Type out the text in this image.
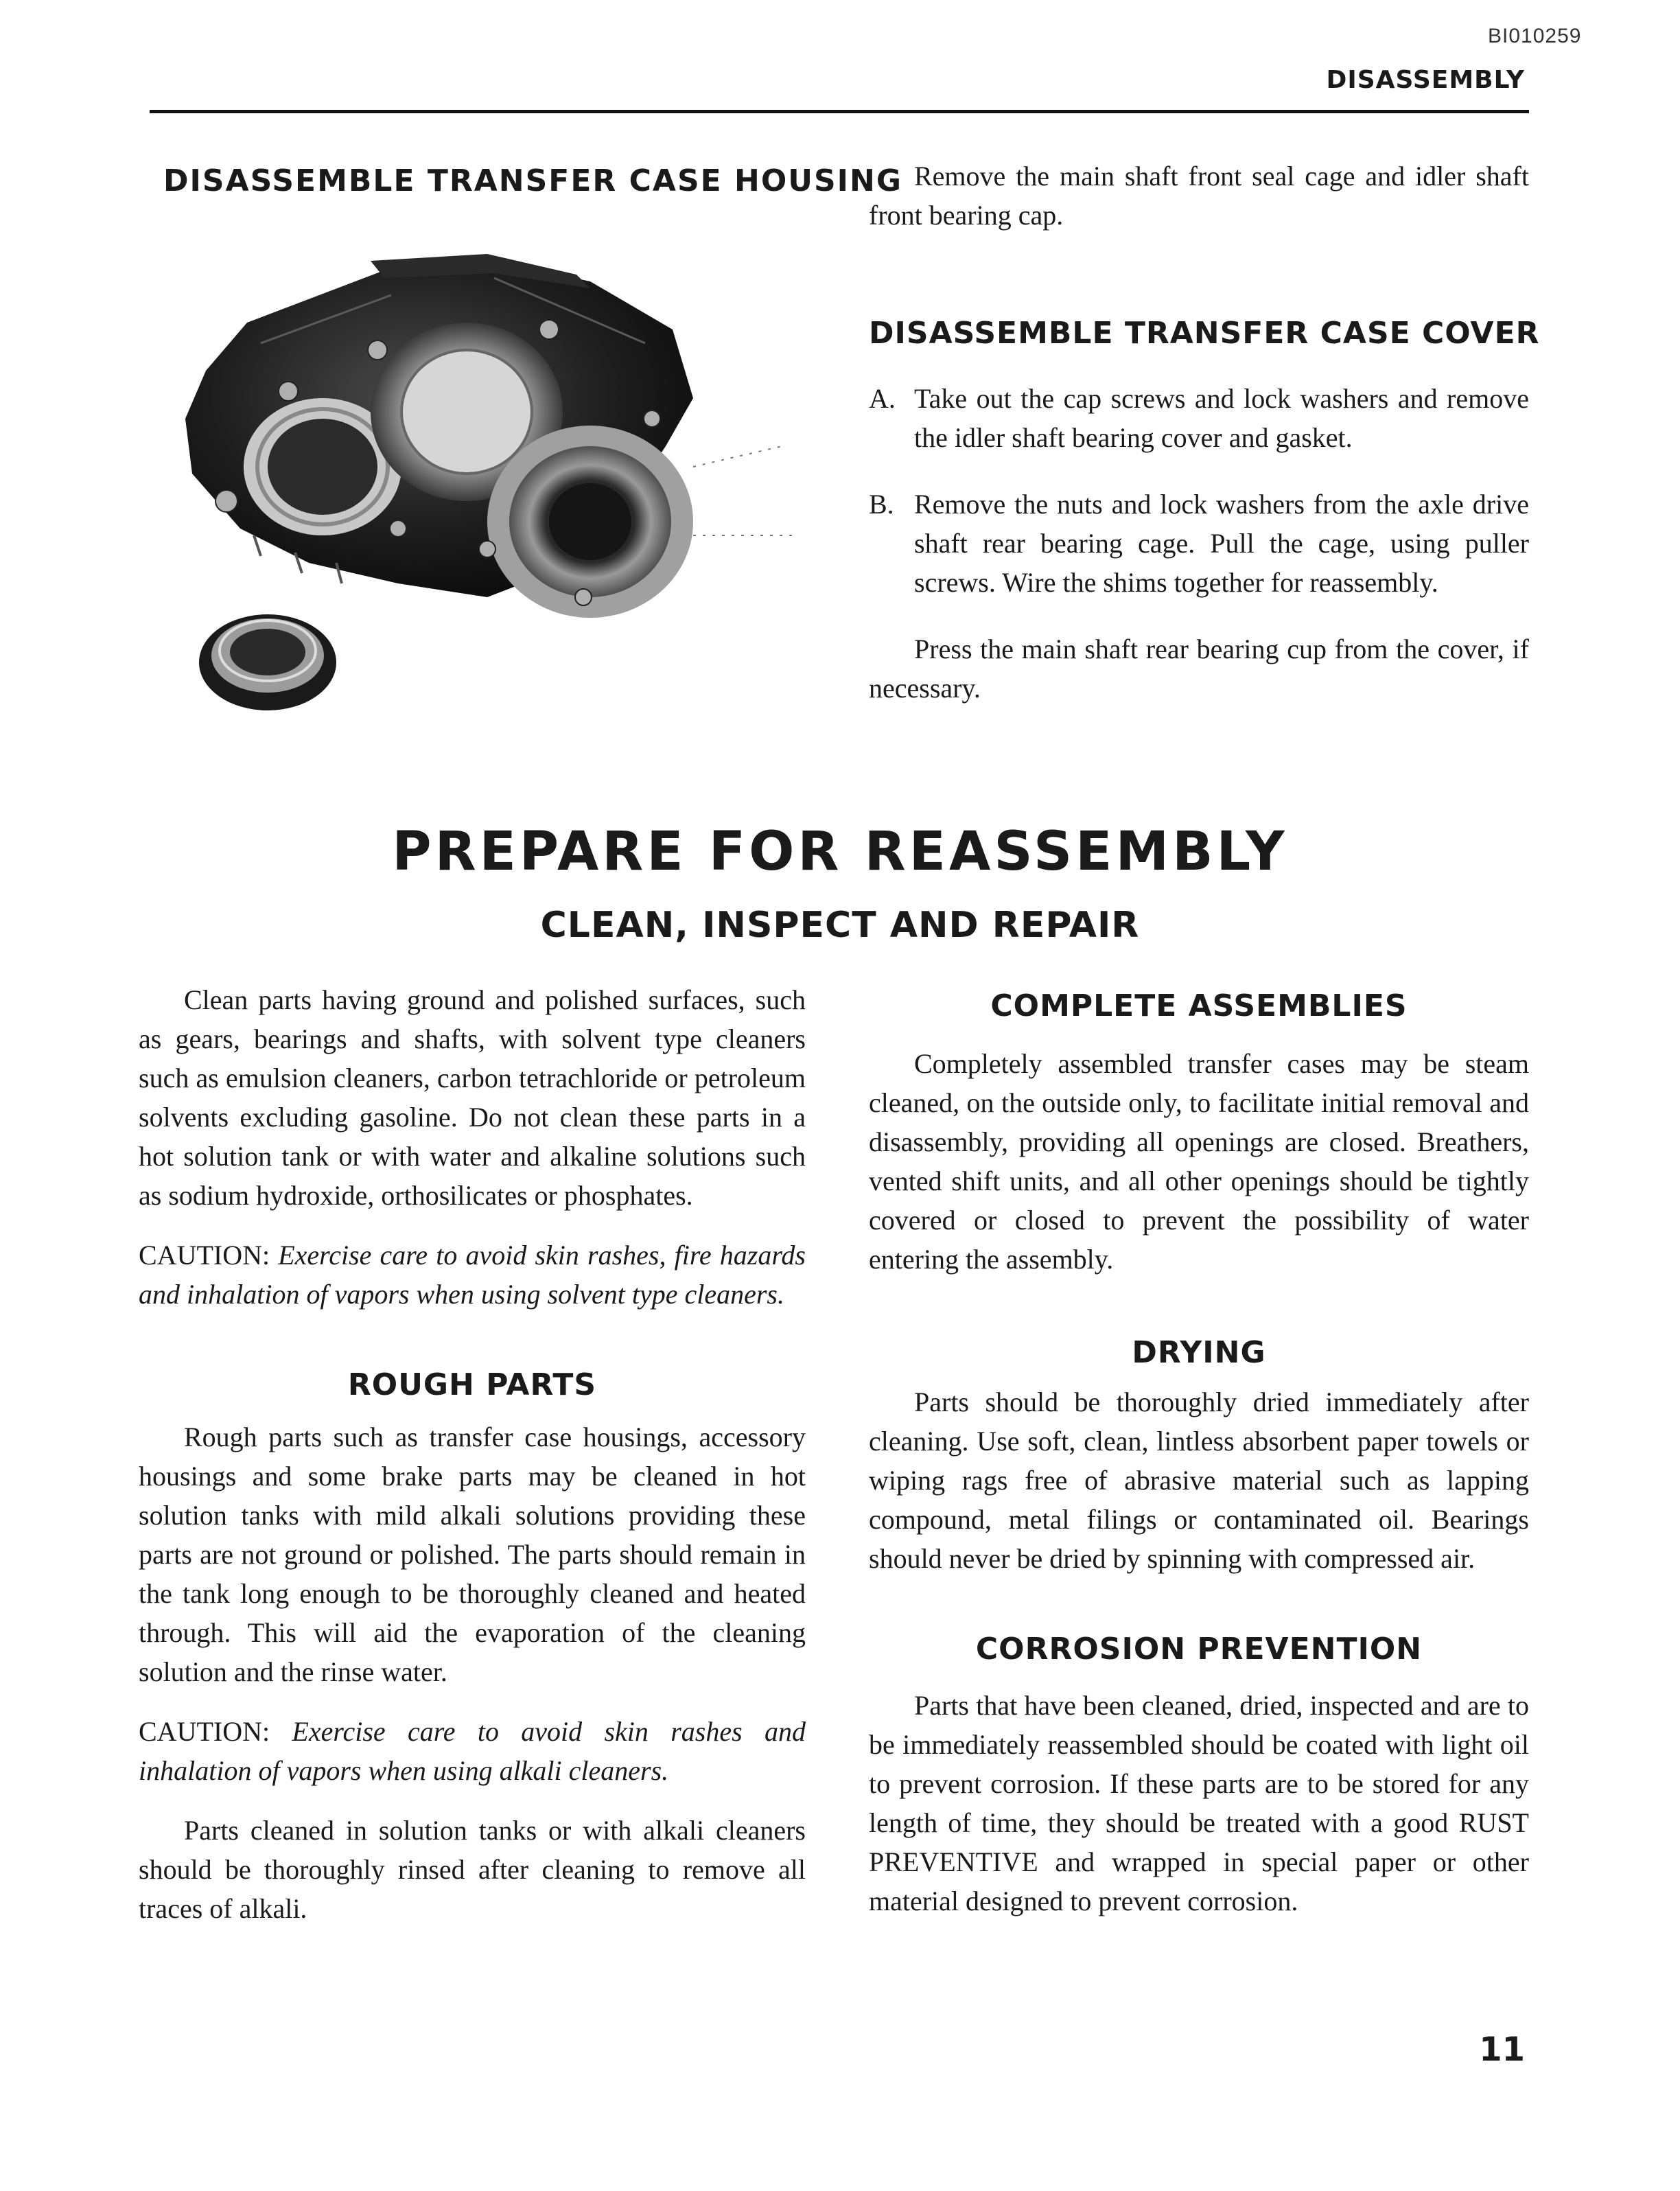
BI010259
DISASSEMBLY
DISASSEMBLE TRANSFER CASE HOUSING Remove the main shaft front seal cage and idler shaft front bearing cap.

DISASSEMBLE TRANSFER CASE COVER

A. Take out the cap screws and lock washers and remove the idler shaft bearing cover and gasket.

B. Remove the nuts and lock washers from the axle drive shaft rear bearing cage. Pull the cage, using puller screws. Wire the shims together for reassembly.

Press the main shaft rear bearing cup from the cover, if necessary.

PREPARE FOR REASSEMBLY
CLEAN, INSPECT AND REPAIR

Clean parts having ground and polished surfaces, such as gears, bearings and shafts, with solvent type cleaners such as emulsion cleaners, carbon tetrachloride or petroleum solvents excluding gasoline. Do not clean these parts in a hot solution tank or with water and alkaline solutions such as sodium hydroxide, orthosilicates or phosphates.

CAUTION: Exercise care to avoid skin rashes, fire hazards and inhalation of vapors when using solvent type cleaners.

ROUGH PARTS

Rough parts such as transfer case housings, accessory housings and some brake parts may be cleaned in hot solution tanks with mild alkali solutions providing these parts are not ground or polished. The parts should remain in the tank long enough to be thoroughly cleaned and heated through. This will aid the evaporation of the cleaning solution and the rinse water.

CAUTION: Exercise care to avoid skin rashes and inhalation of vapors when using alkali cleaners.

Parts cleaned in solution tanks or with alkali cleaners should be thoroughly rinsed after cleaning to remove all traces of alkali.

COMPLETE ASSEMBLIES

Completely assembled transfer cases may be steam cleaned, on the outside only, to facilitate initial removal and disassembly, providing all openings are closed. Breathers, vented shift units, and all other openings should be tightly covered or closed to prevent the possibility of water entering the assembly.

DRYING

Parts should be thoroughly dried immediately after cleaning. Use soft, clean, lintless absorbent paper towels or wiping rags free of abrasive material such as lapping compound, metal filings or contaminated oil. Bearings should never be dried by spinning with compressed air.

CORROSION PREVENTION

Parts that have been cleaned, dried, inspected and are to be immediately reassembled should be coated with light oil to prevent corrosion. If these parts are to be stored for any length of time, they should be treated with a good RUST PREVENTIVE and wrapped in special paper or other material designed to prevent corrosion.

11
